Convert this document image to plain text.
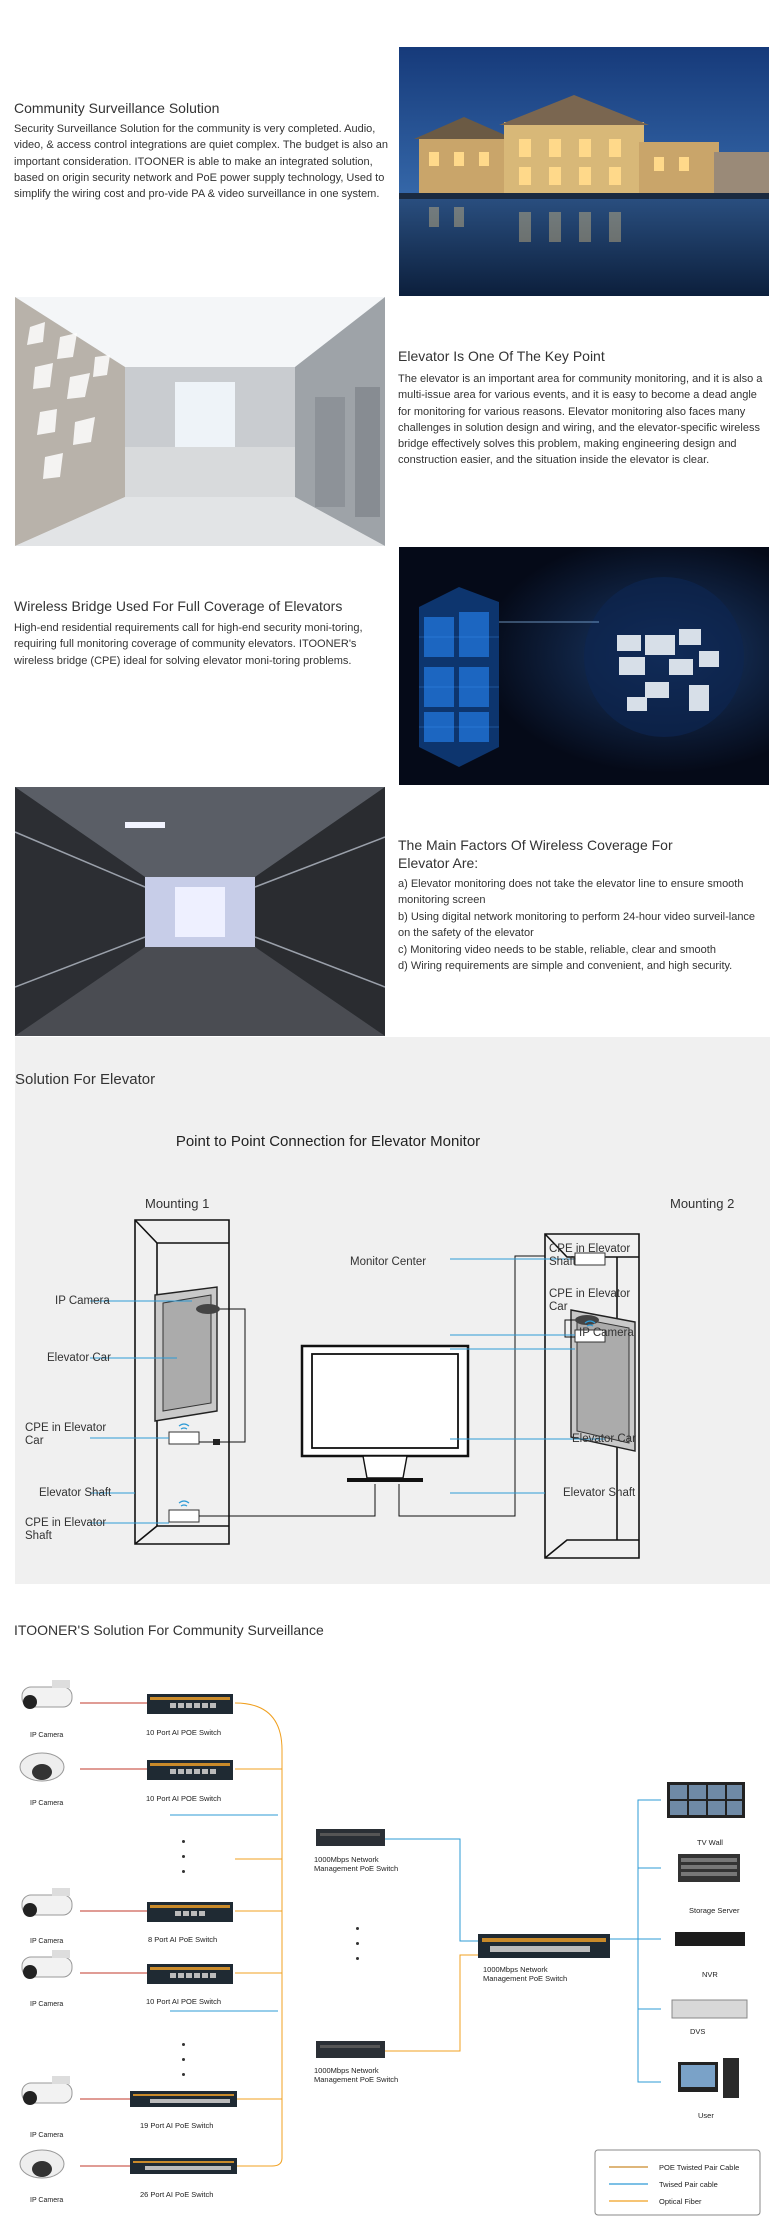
Community Surveillance Solution
Security Surveillance Solution for the community is very completed. Audio, video, & access control integrations are quiet complex. The budget is also an important consideration. ITOONER is able to make an integrated solution, based on origin security network and PoE power supply technology, Used to simplify the wiring cost and pro-vide PA & video surveillance in one system.
Elevator Is One Of The Key Point
The elevator is an important area for community monitoring, and it is also a multi-issue area for various events, and it is easy to become a dead angle for monitoring for various reasons. Elevator monitoring also faces many challenges in solution design and wiring, and the elevator-specific wireless bridge effectively solves this problem, making engineering design and construction easier, and the situation inside the elevator is clear.
Wireless Bridge Used For Full Coverage of Elevators
High-end residential requirements call for high-end security moni-toring, requiring full monitoring coverage of community elevators. ITOONER's wireless bridge (CPE) ideal for solving elevator moni-toring problems.
The Main Factors Of Wireless Coverage For Elevator Are:
a) Elevator monitoring does not take the elevator line to ensure smooth monitoring screen
b) Using digital network monitoring to perform 24-hour video surveil-lance on the safety of the elevator
c) Monitoring video needs to be stable, reliable, clear and smooth
d) Wiring requirements are simple and convenient, and high security.
Solution For Elevator
Point to Point Connection for Elevator Monitor
Mounting 1	Mounting 2
Monitor Center
IP Camera
Elevator Car
CPE in Elevator Car
Elevator Shaft
CPE in Elevator Shaft
CPE in Elevator Shaft
CPE in Elevator Car
IP Camera
Elevator Car
Elevator Shaft
ITOONER'S Solution For Community Surveillance
IP Camera
IP Camera
IP Camera
IP Camera
IP Camera
IP Camera
10 Port AI POE Switch
10 Port AI POE Switch
8 Port AI PoE Switch
10 Port AI POE Switch
19 Port AI PoE Switch
26 Port AI PoE Switch
1000Mbps Network Management PoE Switch
1000Mbps Network Management PoE Switch
1000Mbps Network Management PoE Switch
TV Wall
Storage Server
NVR
DVS
User
POE Twisted Pair Cable
Twised Pair cable
Optical Fiber
